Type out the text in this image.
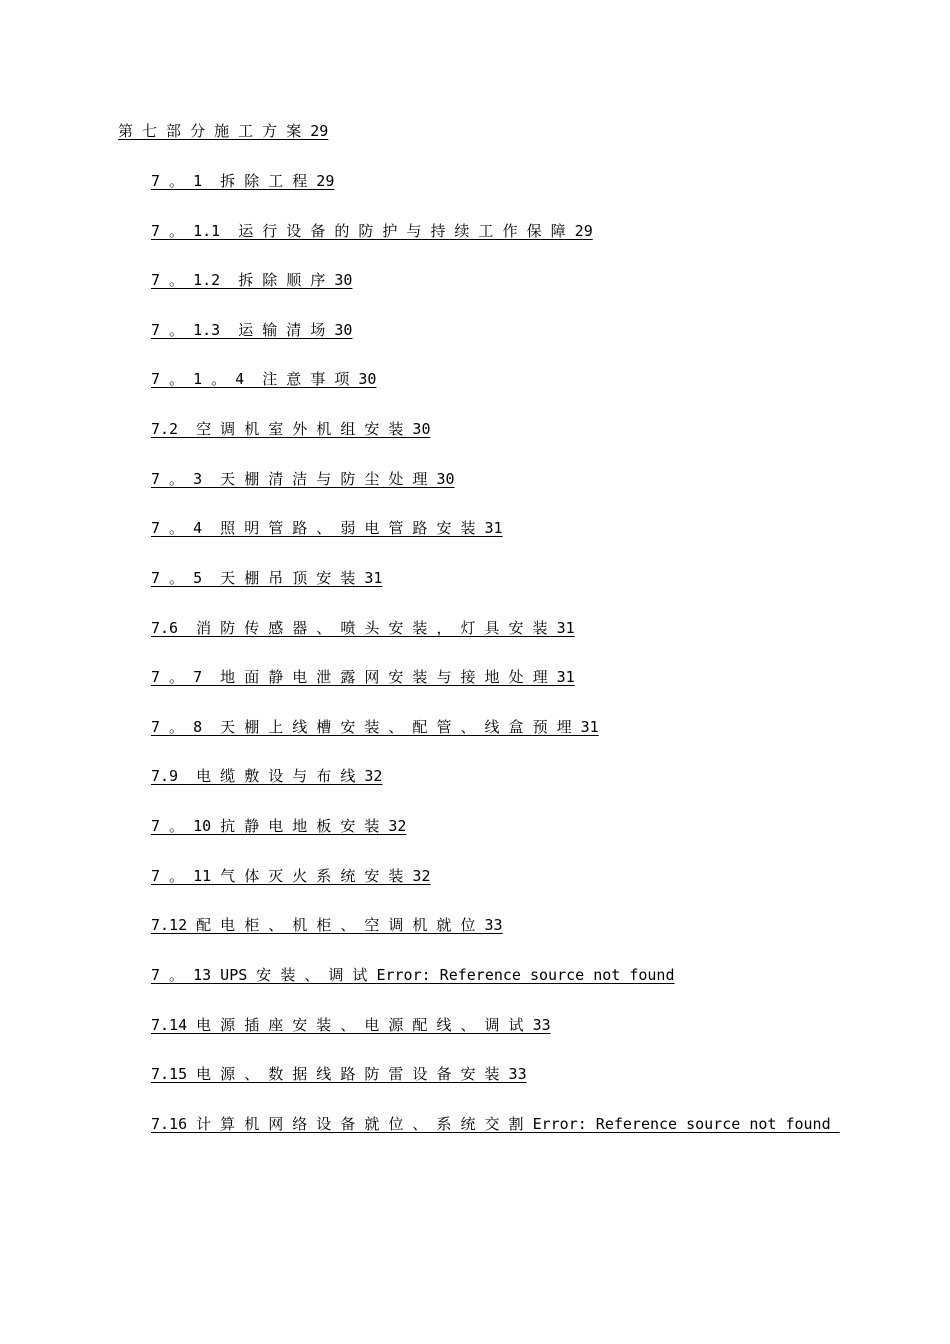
第 七 部 分 施 工 方 案 29
7 。 1  拆 除 工 程 29
7 。 1.1  运 行 设 备 的 防 护 与 持 续 工 作 保 障 29
7 。 1.2  拆 除 顺 序 30
7 。 1.3  运 输 清 场 30
7 。 1 。 4  注 意 事 项 30
7.2  空 调 机 室 外 机 组 安 装 30
7 。 3  天 棚 清 洁 与 防 尘 处 理 30
7 。 4  照 明 管 路 、 弱 电 管 路 安 装 31
7 。 5  天 棚 吊 顶 安 装 31
7.6  消 防 传 感 器 、 喷 头 安 装 ， 灯 具 安 装 31
7 。 7  地 面 静 电 泄 露 网 安 装 与 接 地 处 理 31
7 。 8  天 棚 上 线 槽 安 装 、 配 管 、 线 盒 预 埋 31
7.9  电 缆 敷 设 与 布 线 32
7 。 10 抗 静 电 地 板 安 装 32
7 。 11 气 体 灭 火 系 统 安 装 32
7.12 配 电 柜 、 机 柜 、 空 调 机 就 位 33
7 。 13 UPS 安 装 、 调 试 Error: Reference source not found
7.14 电 源 插 座 安 装 、 电 源 配 线 、 调 试 33
7.15 电 源 、 数 据 线 路 防 雷 设 备 安 装 33
7.16 计 算 机 网 络 设 备 就 位 、 系 统 交 割 Error: Reference source not found
